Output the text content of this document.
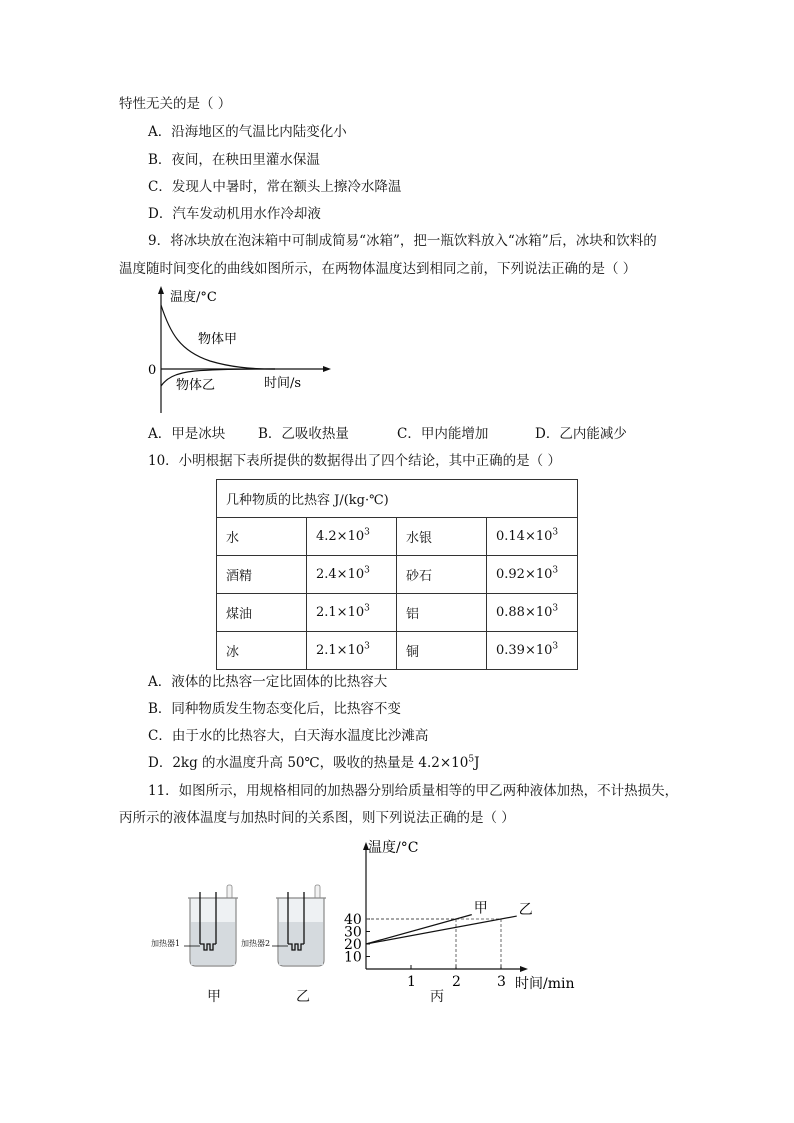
特性无关的是（ ）
A．沿海地区的气温比内陆变化小
B．夜间，在秧田里灌水保温
C．发现人中暑时，常在额头上擦冷水降温
D．汽车发动机用水作冷却液
9．将冰块放在泡沫箱中可制成简易“冰箱”，把一瓶饮料放入“冰箱”后，冰块和饮料的
温度随时间变化的曲线如图所示，在两物体温度达到相同之前，下列说法正确的是（ ）
温度/°C
0
物体甲
物体乙	时间/s
A．甲是冰块 B．乙吸收热量	C．甲内能增加	D．乙内能减少
10．小明根据下表所提供的数据得出了四个结论，其中正确的是（ ）
几种物质的比热容 J/(kg·℃)			
水	$4.2\times 10^3$	水银	$0.14\times 10^3$
酒精	$2.4\times 10^3$	砂石	$0.92\times 10^3$
煤油	$2.1\times 10^3$	铝	$0.88\times 10^3$
冰	$2.1\times 10^3$	铜	$0.39\times 10^3$
A．液体的比热容一定比固体的比热容大
B．同种物质发生物态变化后，比热容不变
C．由于水的比热容大，白天海水温度比沙滩高
D．2kg 的水温度升高 50℃，吸收的热量是 $4.2\times 10^5J$
11．如图所示，用规格相同的加热器分别给质量相等的甲乙两种液体加热，不计热损失，
丙所示的液体温度与加热时间的关系图，则下列说法正确的是（ ）
加热器1	加热器2
甲	乙
10
20
30
40
1	2	3
甲 乙
温度/°C
时间/min
丙
